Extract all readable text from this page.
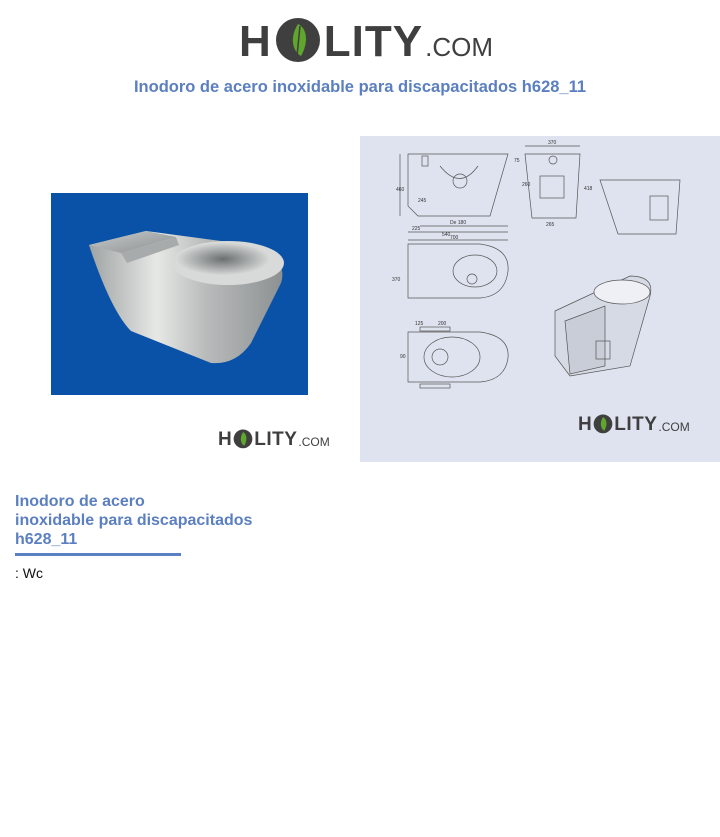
H LITY .COM
Inodoro de acero inoxidable para discapacitados h628_11
H LITY .COM
460
245
225
540
De 180
370
75
260
418
265
700
370
125	200
90
H LITY .COM
Inodoro de acero
inoxidable para discapacitados
h628_11
: Wc
